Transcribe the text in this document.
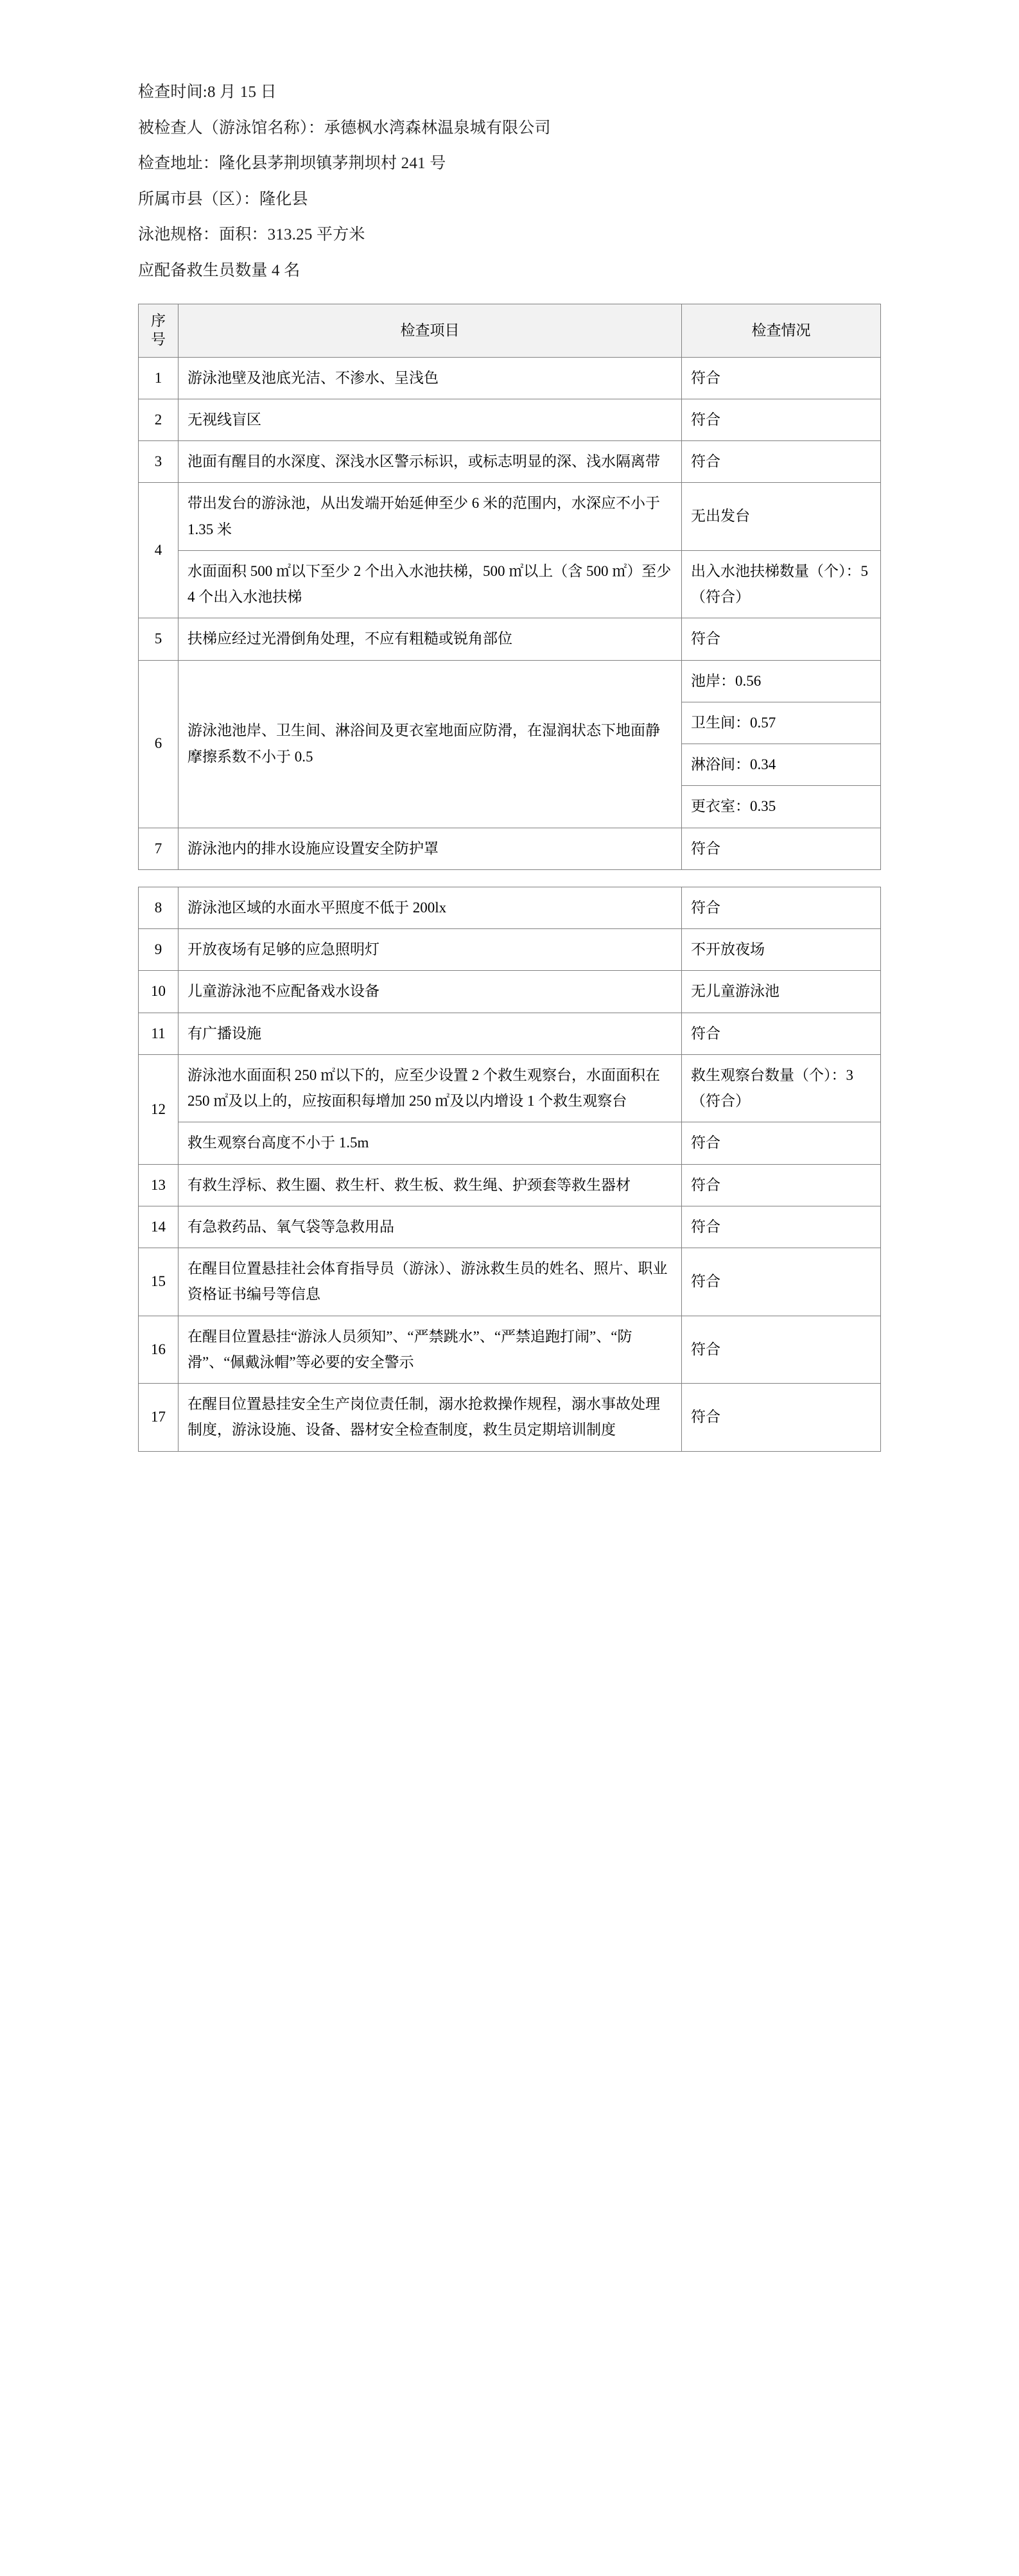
检查时间:8 月 15 日

被检查人（游泳馆名称）：承德枫水湾森林温泉城有限公司

检查地址：隆化县茅荆坝镇茅荆坝村 241 号

所属市县（区）：隆化县

泳池规格：面积：313.25 平方米

应配备救生员数量 4 名

序
号	检查项目	检查情况
1	游泳池壁及池底光洁、不渗水、呈浅色	符合
2	无视线盲区	符合
3	池面有醒目的水深度、深浅水区警示标识，或标志明显的深、浅水隔离带	符合
4	带出发台的游泳池，从出发端开始延伸至少 6 米的范围内，水深应不小于 1.35 米	无出发台
	水面面积 500 ㎡以下至少 2 个出入水池扶梯，500 ㎡以上（含 500 ㎡）至少 4 个出入水池扶梯	出入水池扶梯数量（个）：5（符合）
5	扶梯应经过光滑倒角处理，不应有粗糙或锐角部位	符合
6	游泳池池岸、卫生间、淋浴间及更衣室地面应防滑，在湿润状态下地面静摩擦系数不小于 0.5	池岸：0.56
		卫生间：0.57
		淋浴间：0.34
		更衣室：0.35
7	游泳池内的排水设施应设置安全防护罩	符合
8	游泳池区域的水面水平照度不低于 200lx	符合
9	开放夜场有足够的应急照明灯	不开放夜场
10	儿童游泳池不应配备戏水设备	无儿童游泳池
11	有广播设施	符合
12	游泳池水面面积 250 ㎡以下的，应至少设置 2 个救生观察台，水面面积在 250 ㎡及以上的，应按面积每增加 250 ㎡及以内增设 1 个救生观察台	救生观察台数量（个）：3（符合）
	救生观察台高度不小于 1.5m	符合
13	有救生浮标、救生圈、救生杆、救生板、救生绳、护颈套等救生器材	符合
14	有急救药品、氧气袋等急救用品	符合
15	在醒目位置悬挂社会体育指导员（游泳）、游泳救生员的姓名、照片、职业资格证书编号等信息	符合
16	在醒目位置悬挂“游泳人员须知”、“严禁跳水”、“严禁追跑打闹”、“防滑”、“佩戴泳帽”等必要的安全警示	符合
17	在醒目位置悬挂安全生产岗位责任制，溺水抢救操作规程，溺水事故处理制度，游泳设施、设备、器材安全检查制度，救生员定期培训制度	符合
